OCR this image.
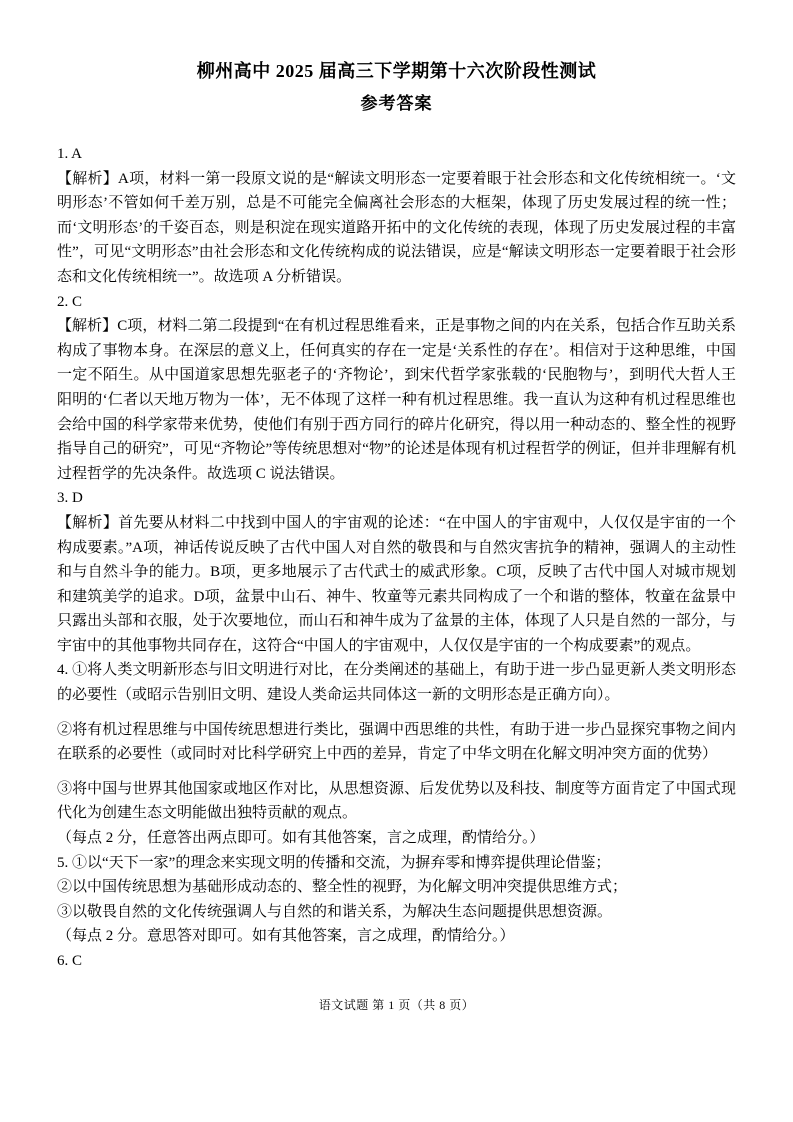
柳州高中 2025 届高三下学期第十六次阶段性测试
参考答案

1. A

【解析】A项，材料一第一段原文说的是“解读文明形态一定要着眼于社会形态和文化传统相统一。‘文明形态’不管如何千差万别，总是不可能完全偏离社会形态的大框架，体现了历史发展过程的统一性；而‘文明形态’的千姿百态，则是积淀在现实道路开拓中的文化传统的表现，体现了历史发展过程的丰富性”，可见“文明形态”由社会形态和文化传统构成的说法错误，应是“解读文明形态一定要着眼于社会形态和文化传统相统一”。故选项 A 分析错误。

2. C

【解析】C项，材料二第二段提到“在有机过程思维看来，正是事物之间的内在关系，包括合作互助关系构成了事物本身。在深层的意义上，任何真实的存在一定是‘关系性的存在’。相信对于这种思维，中国一定不陌生。从中国道家思想先驱老子的‘齐物论’，到宋代哲学家张载的‘民胞物与’，到明代大哲人王阳明的‘仁者以天地万物为一体’，无不体现了这样一种有机过程思维。我一直认为这种有机过程思维也会给中国的科学家带来优势，使他们有别于西方同行的碎片化研究，得以用一种动态的、整全性的视野指导自己的研究”，可见“齐物论”等传统思想对“物”的论述是体现有机过程哲学的例证，但并非理解有机过程哲学的先决条件。故选项 C 说法错误。

3. D

【解析】首先要从材料二中找到中国人的宇宙观的论述：“在中国人的宇宙观中，人仅仅是宇宙的一个构成要素。”A项，神话传说反映了古代中国人对自然的敬畏和与自然灾害抗争的精神，强调人的主动性和与自然斗争的能力。B项，更多地展示了古代武士的威武形象。C项，反映了古代中国人对城市规划和建筑美学的追求。D项，盆景中山石、神牛、牧童等元素共同构成了一个和谐的整体，牧童在盆景中只露出头部和衣服，处于次要地位，而山石和神牛成为了盆景的主体，体现了人只是自然的一部分，与宇宙中的其他事物共同存在，这符合“中国人的宇宙观中，人仅仅是宇宙的一个构成要素”的观点。

4. ①将人类文明新形态与旧文明进行对比，在分类阐述的基础上，有助于进一步凸显更新人类文明形态的必要性（或昭示告别旧文明、建设人类命运共同体这一新的文明形态是正确方向）。

②将有机过程思维与中国传统思想进行类比，强调中西思维的共性，有助于进一步凸显探究事物之间内在联系的必要性（或同时对比科学研究上中西的差异，肯定了中华文明在化解文明冲突方面的优势）

③将中国与世界其他国家或地区作对比，从思想资源、后发优势以及科技、制度等方面肯定了中国式现代化为创建生态文明能做出独特贡献的观点。

（每点 2 分，任意答出两点即可。如有其他答案，言之成理，酌情给分。）

5. ①以“天下一家”的理念来实现文明的传播和交流，为摒弃零和博弈提供理论借鉴；

②以中国传统思想为基础形成动态的、整全性的视野，为化解文明冲突提供思维方式；

③以敬畏自然的文化传统强调人与自然的和谐关系，为解决生态问题提供思想资源。

（每点 2 分。意思答对即可。如有其他答案，言之成理，酌情给分。）

6. C

语文试题 第 1 页（共 8 页）
